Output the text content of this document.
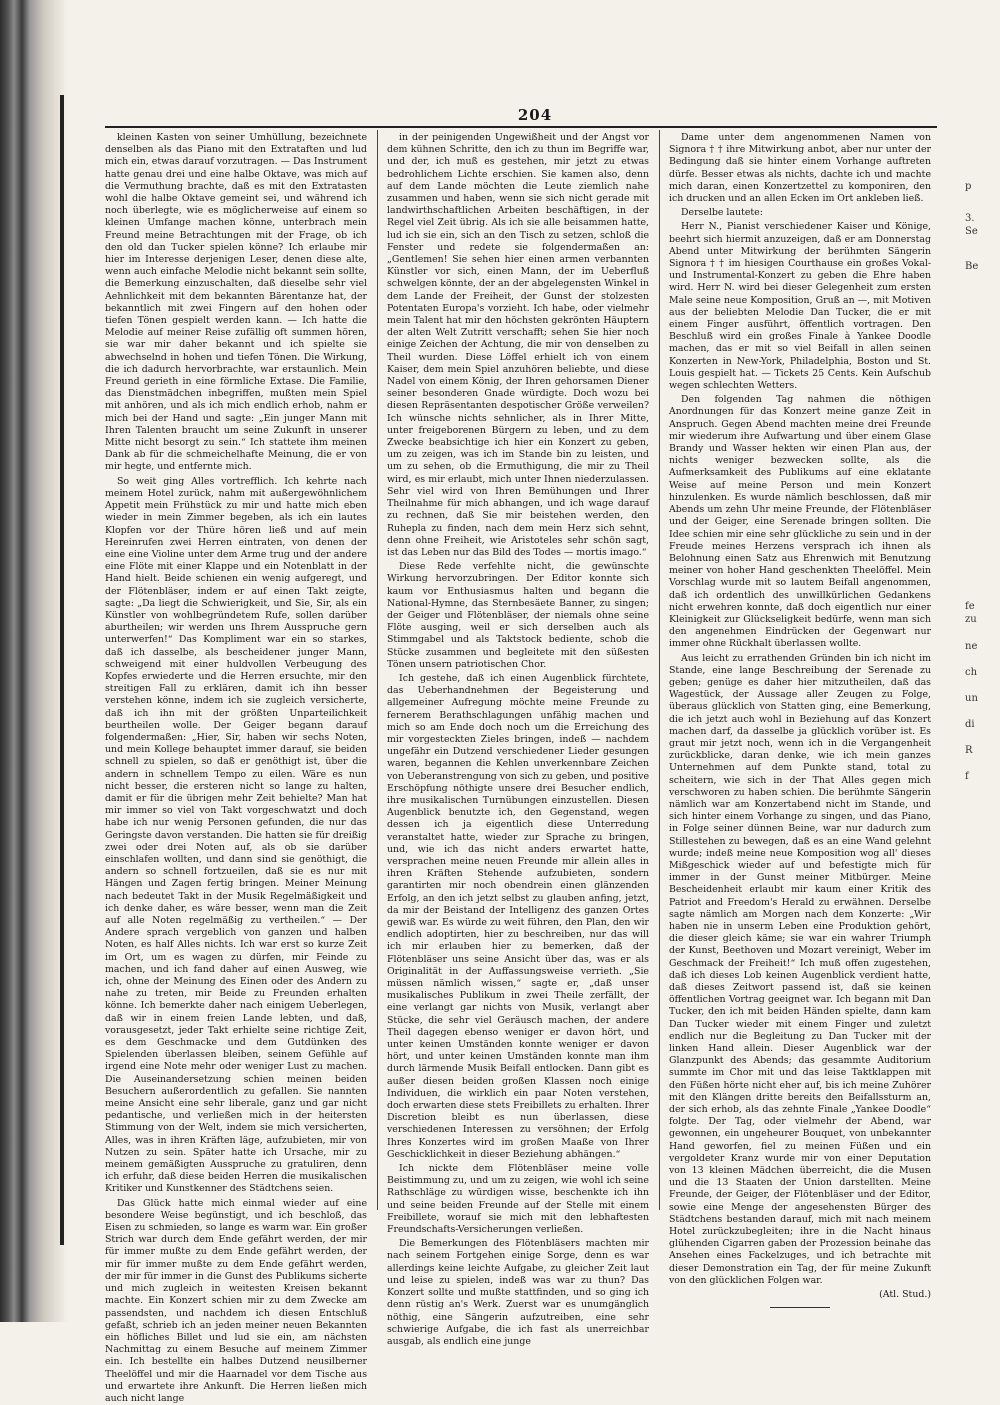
204

kleinen Kasten von seiner Umhüllung, bezeichnete denselben als das Piano mit den Extrataften und lud mich ein, etwas darauf vorzutragen. — Das Instrument hatte genau drei und eine halbe Oktave, was mich auf die Vermuthung brachte, daß es mit den Extratasten wohl die halbe Oktave gemeint sei, und während ich noch überlegte, wie es möglicherweise auf einem so kleinen Umfange machen könne, unterbrach mein Freund meine Betrachtungen mit der Frage, ob ich den old dan Tucker spielen könne? Ich erlaube mir hier im Interesse derjenigen Leser, denen diese alte, wenn auch einfache Melodie nicht bekannt sein sollte, die Bemerkung einzuschalten, daß dieselbe sehr viel Aehnlichkeit mit dem bekannten Bärentanze hat, der bekanntlich mit zwei Fingern auf den hohen oder tiefen Tönen gespielt werden kann. — Ich hatte die Melodie auf meiner Reise zufällig oft summen hören, sie war mir daher bekannt und ich spielte sie abwechselnd in hohen und tiefen Tönen. Die Wirkung, die ich dadurch hervorbrachte, war erstaunlich. Mein Freund gerieth in eine förmliche Extase. Die Familie, das Dienstmädchen inbegriffen, mußten mein Spiel mit anhören, und als ich mich endlich erhob, nahm er mich bei der Hand und sagte: „Ein junger Mann mit Ihren Talenten braucht um seine Zukunft in unserer Mitte nicht besorgt zu sein.“ Ich stattete ihm meinen Dank ab für die schmeichelhafte Meinung, die er von mir hegte, und entfernte mich.

So weit ging Alles vortrefflich. Ich kehrte nach meinem Hotel zurück, nahm mit außergewöhnlichem Appetit mein Frühstück zu mir und hatte mich eben wieder in mein Zimmer begeben, als ich ein lautes Klopfen vor der Thüre hören ließ und auf mein Hereinrufen zwei Herren eintraten, von denen der eine eine Violine unter dem Arme trug und der andere eine Flöte mit einer Klappe und ein Notenblatt in der Hand hielt. Beide schienen ein wenig aufgeregt, und der Flötenbläser, indem er auf einen Takt zeigte, sagte: „Da liegt die Schwierigkeit, und Sie, Sir, als ein Künstler von wohlbegründetem Rufe, sollen darüber aburtheilen; wir werden uns Ihrem Ausspruche gern unterwerfen!“ Das Kompliment war ein so starkes, daß ich dasselbe, als bescheidener junger Mann, schweigend mit einer huldvollen Verbeugung des Kopfes erwiederte und die Herren ersuchte, mir den streitigen Fall zu erklären, damit ich ihn besser verstehen könne, indem ich sie zugleich versicherte, daß ich ihn mit der größten Unparteilichkeit beurtheilen wolle. Der Geiger begann darauf folgendermaßen: „Hier, Sir, haben wir sechs Noten, und mein Kollege behauptet immer darauf, sie beiden schnell zu spielen, so daß er genöthigt ist, über die andern in schnellem Tempo zu eilen. Wäre es nun nicht besser, die ersteren nicht so lange zu halten, damit er für die übrigen mehr Zeit behielte? Man hat mir immer so viel von Takt vorgeschwatzt und doch habe ich nur wenig Personen gefunden, die nur das Geringste davon verstanden. Die hatten sie für dreißig zwei oder drei Noten auf, als ob sie darüber einschlafen wollten, und dann sind sie genöthigt, die andern so schnell fortzueilen, daß sie es nur mit Hängen und Zagen fertig bringen. Meiner Meinung nach bedeutet Takt in der Musik Regelmäßigkeit und ich denke daher, es wäre besser, wenn man die Zeit auf alle Noten regelmäßig zu vertheilen.“ — Der Andere sprach vergeblich von ganzen und halben Noten, es half Alles nichts. Ich war erst so kurze Zeit im Ort, um es wagen zu dürfen, mir Feinde zu machen, und ich fand daher auf einen Ausweg, wie ich, ohne der Meinung des Einen oder des Andern zu nahe zu treten, mir Beide zu Freunden erhalten könne. Ich bemerkte daher nach einigem Ueberlegen, daß wir in einem freien Lande lebten, und daß, vorausgesetzt, jeder Takt erhielte seine richtige Zeit, es dem Geschmacke und dem Gutdünken des Spielenden überlassen bleiben, seinem Gefühle auf irgend eine Note mehr oder weniger Lust zu machen. Die Auseinandersetzung schien meinen beiden Besuchern außerordentlich zu gefallen. Sie nannten meine Ansicht eine sehr liberale, ganz und gar nicht pedantische, und verließen mich in der heitersten Stimmung von der Welt, indem sie mich versicherten, Alles, was in ihren Kräften läge, aufzubieten, mir von Nutzen zu sein. Später hatte ich Ursache, mir zu meinem gemäßigten Ausspruche zu gratuliren, denn ich erfuhr, daß diese beiden Herren die musikalischen Kritiker und Kunstkenner des Städtchens seien.

Das Glück hatte mich einmal wieder auf eine besondere Weise begünstigt, und ich beschloß, das Eisen zu schmieden, so lange es warm war. Ein großer Strich war durch dem Ende gefährt werden, der mir für immer mußte zu dem Ende gefährt werden, der mir für immer mußte zu dem Ende gefährt werden, der mir für immer in die Gunst des Publikums sicherte und mich zugleich in weitesten Kreisen bekannt machte. Ein Konzert schien mir zu dem Zwecke am passendsten, und nachdem ich diesen Entschluß gefaßt, schrieb ich an jeden meiner neuen Bekannten ein höfliches Billet und lud sie ein, am nächsten Nachmittag zu einem Besuche auf meinem Zimmer ein. Ich bestellte ein halbes Dutzend neusilberner Theelöffel und mir die Haarnadel vor dem Tische aus und erwartete ihre Ankunft. Die Herren ließen mich auch nicht lange

in der peinigenden Ungewißheit und der Angst vor dem kühnen Schritte, den ich zu thun im Begriffe war, und der, ich muß es gestehen, mir jetzt zu etwas bedrohlichem Lichte erschien. Sie kamen also, denn auf dem Lande möchten die Leute ziemlich nahe zusammen und haben, wenn sie sich nicht gerade mit landwirthschaftlichen Arbeiten beschäftigen, in der Regel viel Zeit übrig. Als ich sie alle beisammen hatte, lud ich sie ein, sich an den Tisch zu setzen, schloß die Fenster und redete sie folgendermaßen an: „Gentlemen! Sie sehen hier einen armen verbannten Künstler vor sich, einen Mann, der im Ueberfluß schwelgen könnte, der an der abgelegensten Winkel in dem Lande der Freiheit, der Gunst der stolzesten Potentaten Europa's vorzieht. Ich habe, oder vielmehr mein Talent hat mir den höchsten gekrönten Häuptern der alten Welt Zutritt verschafft; sehen Sie hier noch einige Zeichen der Achtung, die mir von denselben zu Theil wurden. Diese Löffel erhielt ich von einem Kaiser, dem mein Spiel anzuhören beliebte, und diese Nadel von einem König, der Ihren gehorsamen Diener seiner besonderen Gnade würdigte. Doch wozu bei diesen Repräsentanten despotischer Größe verweilen? Ich wünsche nichts sehnlicher, als in Ihrer Mitte, unter freigeborenen Bürgern zu leben, und zu dem Zwecke beabsichtige ich hier ein Konzert zu geben, um zu zeigen, was ich im Stande bin zu leisten, und um zu sehen, ob die Ermuthigung, die mir zu Theil wird, es mir erlaubt, mich unter Ihnen niederzulassen. Sehr viel wird von Ihren Bemühungen und Ihrer Theilnahme für mich abhangen, und ich wage darauf zu rechnen, daß Sie mir beistehen werden, den Ruhepla zu finden, nach dem mein Herz sich sehnt, denn ohne Freiheit, wie Aristoteles sehr schön sagt, ist das Leben nur das Bild des Todes — mortis imago.“

Diese Rede verfehlte nicht, die gewünschte Wirkung hervorzubringen. Der Editor konnte sich kaum vor Enthusiasmus halten und begann die National-Hymne, das Sternbesäete Banner, zu singen; der Geiger und Flötenbläser, der niemals ohne seine Flöte ausging, weil er sich derselben auch als Stimmgabel und als Taktstock bediente, schob die Stücke zusammen und begleitete mit den süßesten Tönen unsern patriotischen Chor.

Ich gestehe, daß ich einen Augenblick fürchtete, das Ueberhandnehmen der Begeisterung und allgemeiner Aufregung möchte meine Freunde zu fernerem Berathschlagungen unfähig machen und mich so am Ende doch noch um die Erreichung des mir vorgesteckten Zieles bringen, indeß — nachdem ungefähr ein Dutzend verschiedener Lieder gesungen waren, begannen die Kehlen unverkennbare Zeichen von Ueberanstrengung von sich zu geben, und positive Erschöpfung nöthigte unsere drei Besucher endlich, ihre musikalischen Turnübungen einzustellen. Diesen Augenblick benutzte ich, den Gegenstand, wegen dessen ich ja eigentlich diese Unterredung veranstaltet hatte, wieder zur Sprache zu bringen, und, wie ich das nicht anders erwartet hatte, versprachen meine neuen Freunde mir allein alles in ihren Kräften Stehende aufzubieten, sondern garantirten mir noch obendrein einen glänzenden Erfolg, an den ich jetzt selbst zu glauben anfing, jetzt, da mir der Beistand der Intelligenz des ganzen Ortes gewiß war. Es würde zu weit führen, den Plan, den wir endlich adoptirten, hier zu beschreiben, nur das will ich mir erlauben hier zu bemerken, daß der Flötenbläser uns seine Ansicht über das, was er als Originalität in der Auffassungsweise verrieth. „Sie müssen nämlich wissen,“ sagte er, „daß unser musikalisches Publikum in zwei Theile zerfällt, der eine verlangt gar nichts von Musik, verlangt aber Stücke, die sehr viel Geräusch machen, der andere Theil dagegen ebenso weniger er davon hört, und unter keinen Umständen konnte weniger er davon hört, und unter keinen Umständen konnte man ihm durch lärmende Musik Beifall entlocken. Dann gibt es außer diesen beiden großen Klassen noch einige Individuen, die wirklich ein paar Noten verstehen, doch erwarten diese stets Freibillets zu erhalten. Ihrer Discretion bleibt es nun überlassen, diese verschiedenen Interessen zu versöhnen; der Erfolg Ihres Konzertes wird im großen Maaße von Ihrer Geschicklichkeit in dieser Beziehung abhängen.“

Ich nickte dem Flötenbläser meine volle Beistimmung zu, und um zu zeigen, wie wohl ich seine Rathschläge zu würdigen wisse, beschenkte ich ihn und seine beiden Freunde auf der Stelle mit einem Freibillete, worauf sie mich mit den lebhaftesten Freundschafts-Versicherungen verließen.

Die Bemerkungen des Flötenbläsers machten mir nach seinem Fortgehen einige Sorge, denn es war allerdings keine leichte Aufgabe, zu gleicher Zeit laut und leise zu spielen, indeß was war zu thun? Das Konzert sollte und mußte stattfinden, und so ging ich denn rüstig an's Werk. Zuerst war es unumgänglich nöthig, eine Sängerin aufzutreiben, eine sehr schwierige Aufgabe, die ich fast als unerreichbar ausgab, als endlich eine junge

Dame unter dem angenommenen Namen von Signora † † ihre Mitwirkung anbot, aber nur unter der Bedingung daß sie hinter einem Vorhange auftreten dürfe. Besser etwas als nichts, dachte ich und machte mich daran, einen Konzertzettel zu komponiren, den ich drucken und an allen Ecken im Ort ankleben ließ.

Derselbe lautete:

Herr N., Pianist verschiedener Kaiser und Könige, beehrt sich hiermit anzuzeigen, daß er am Donnerstag Abend unter Mitwirkung der berühmten Sängerin Signora † † im hiesigen Courthause ein großes Vokal- und Instrumental-Konzert zu geben die Ehre haben wird. Herr N. wird bei dieser Gelegenheit zum ersten Male seine neue Komposition, Gruß an —, mit Motiven aus der beliebten Melodie Dan Tucker, die er mit einem Finger ausführt, öffentlich vortragen. Den Beschluß wird ein großes Finale à Yankee Doodle machen, das er mit so viel Beifall in allen seinen Konzerten in New-York, Philadelphia, Boston und St. Louis gespielt hat. — Tickets 25 Cents. Kein Aufschub wegen schlechten Wetters.

Den folgenden Tag nahmen die nöthigen Anordnungen für das Konzert meine ganze Zeit in Anspruch. Gegen Abend machten meine drei Freunde mir wiederum ihre Aufwartung und über einem Glase Brandy und Wasser hekten wir einen Plan aus, der nichts weniger bezwecken sollte, als die Aufmerksamkeit des Publikums auf eine eklatante Weise auf meine Person und mein Konzert hinzulenken. Es wurde nämlich beschlossen, daß mir Abends um zehn Uhr meine Freunde, der Flötenbläser und der Geiger, eine Serenade bringen sollten. Die Idee schien mir eine sehr glückliche zu sein und in der Freude meines Herzens versprach ich ihnen als Belohnung einen Satz aus Ehrenwich mit Benutzung meiner von hoher Hand geschenkten Theelöffel. Mein Vorschlag wurde mit so lautem Beifall angenommen, daß ich ordentlich des unwillkürlichen Gedankens nicht erwehren konnte, daß doch eigentlich nur einer Kleinigkeit zur Glückseligkeit bedürfe, wenn man sich den angenehmen Eindrücken der Gegenwart nur immer ohne Rückhalt überlassen wollte.

Aus leicht zu errathenden Gründen bin ich nicht im Stande, eine lange Beschreibung der Serenade zu geben; genüge es daher hier mitzutheilen, daß das Wagestück, der Aussage aller Zeugen zu Folge, überaus glücklich von Statten ging, eine Bemerkung, die ich jetzt auch wohl in Beziehung auf das Konzert machen darf, da dasselbe ja glücklich vorüber ist. Es graut mir jetzt noch, wenn ich in die Vergangenheit zurückblicke, daran denke, wie ich mein ganzes Unternehmen auf dem Punkte stand, total zu scheitern, wie sich in der That Alles gegen mich verschworen zu haben schien. Die berühmte Sängerin nämlich war am Konzertabend nicht im Stande, und sich hinter einem Vorhange zu singen, und das Piano, in Folge seiner dünnen Beine, war nur dadurch zum Stillestehen zu bewegen, daß es an eine Wand gelehnt wurde; indeß meine neue Komposition wog all' dieses Mißgeschick wieder auf und befestigte mich für immer in der Gunst meiner Mitbürger. Meine Bescheidenheit erlaubt mir kaum einer Kritik des Patriot and Freedom's Herald zu erwähnen. Derselbe sagte nämlich am Morgen nach dem Konzerte: „Wir haben nie in unserm Leben eine Produktion gehört, die dieser gleich käme; sie war ein wahrer Triumph der Kunst, Beethoven und Mozart vereinigt, Weber im Geschmack der Freiheit!“ Ich muß offen zugestehen, daß ich dieses Lob keinen Augenblick verdient hatte, daß dieses Zeitwort passend ist, daß sie keinen öffentlichen Vortrag geeignet war. Ich begann mit Dan Tucker, den ich mit beiden Händen spielte, dann kam Dan Tucker wieder mit einem Finger und zuletzt endlich nur die Begleitung zu Dan Tucker mit der linken Hand allein. Dieser Augenblick war der Glanzpunkt des Abends; das gesammte Auditorium summte im Chor mit und das leise Taktklappen mit den Füßen hörte nicht eher auf, bis ich meine Zuhörer mit den Klängen dritte bereits den Beifallssturm an, der sich erhob, als das zehnte Finale „Yankee Doodle“ folgte. Der Tag, oder vielmehr der Abend, war gewonnen, ein ungeheurer Bouquet, von unbekannter Hand geworfen, fiel zu meinen Füßen und ein vergoldeter Kranz wurde mir von einer Deputation von 13 kleinen Mädchen überreicht, die die Musen und die 13 Staaten der Union darstellten. Meine Freunde, der Geiger, der Flötenbläser und der Editor, sowie eine Menge der angesehensten Bürger des Städtchens bestanden darauf, mich mit nach meinem Hotel zurückzubegleiten; ihre in die Nacht hinaus glühenden Cigarren gaben der Prozession beinahe das Ansehen eines Fackelzuges, und ich betrachte mit dieser Demonstration ein Tag, der für meine Zukunft von den glücklichen Folgen war.

(Atl. Stud.)

p
3.
Se
Be
fe
zu
ne
ch
un
di
R
f
